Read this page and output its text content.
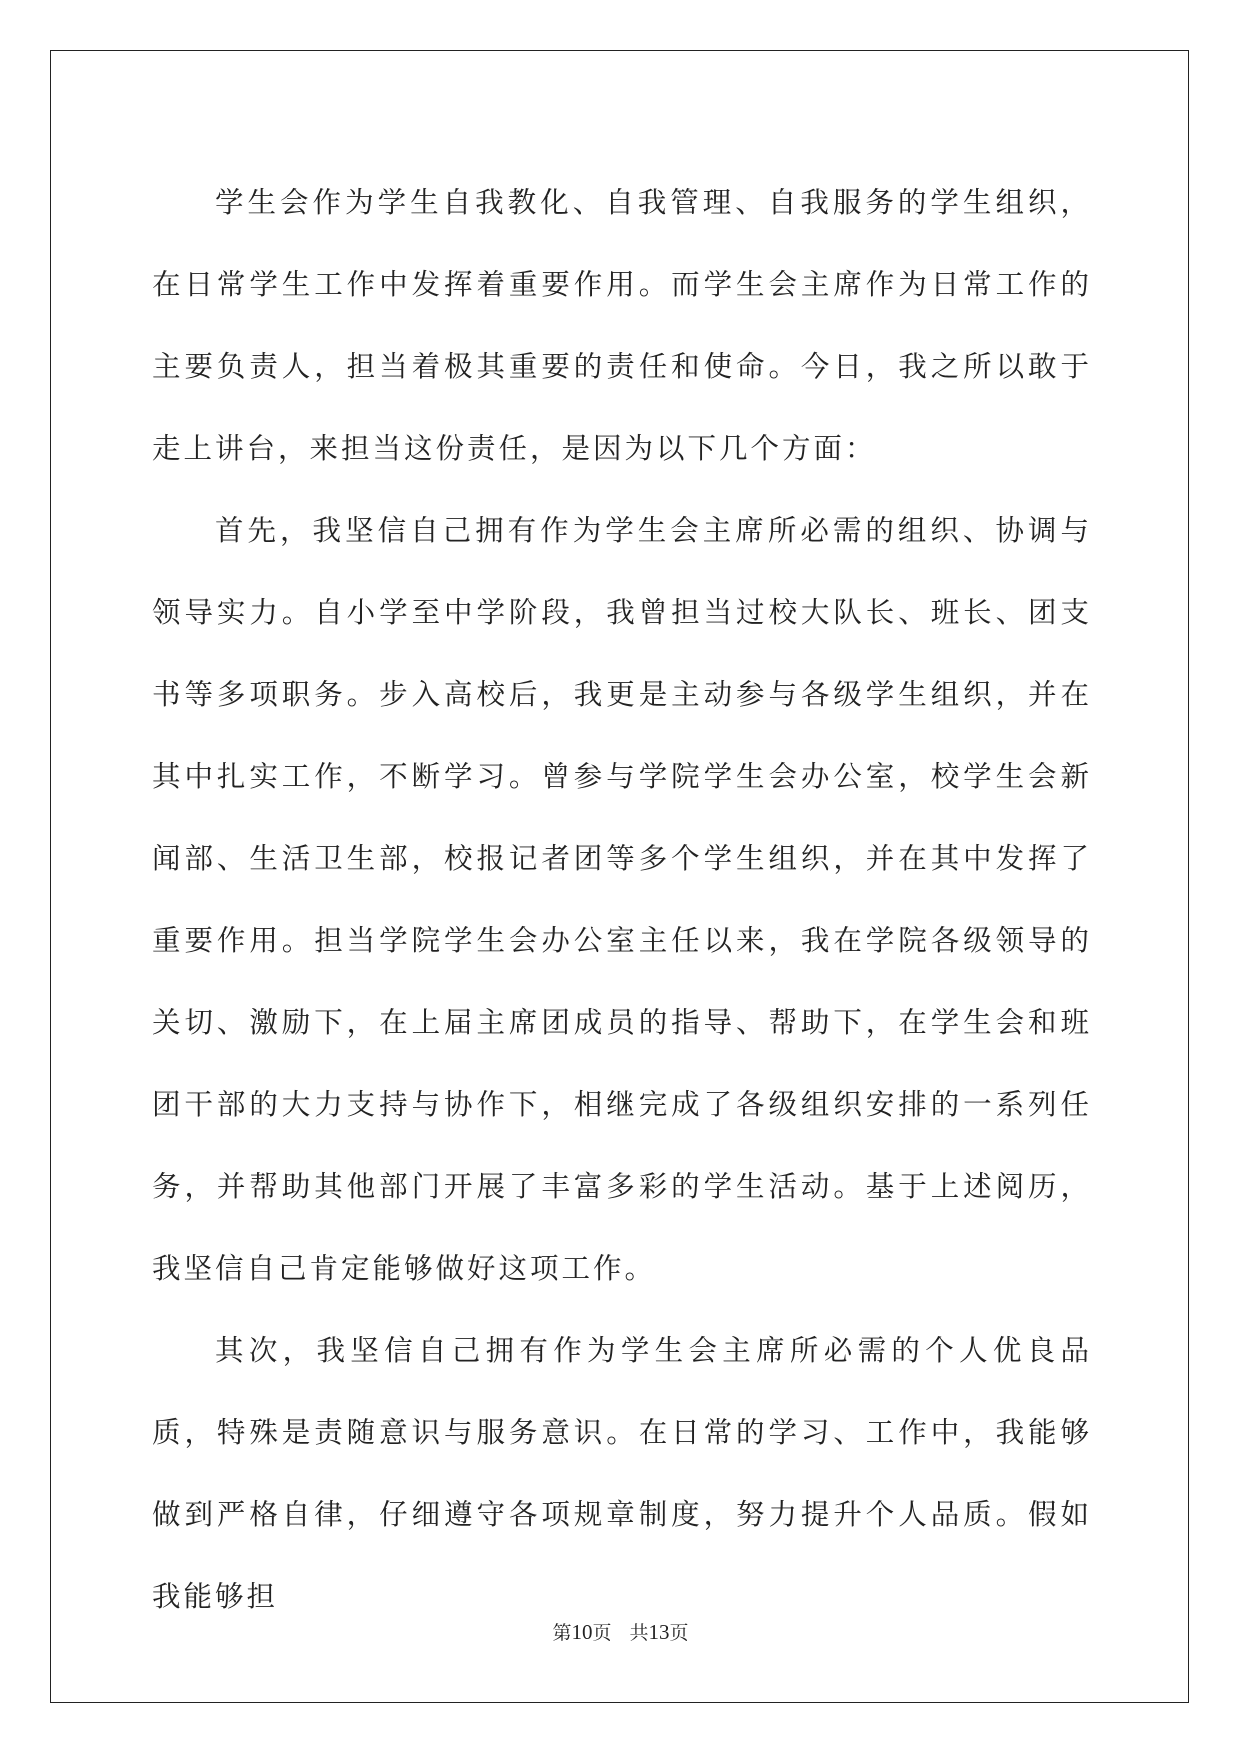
学生会作为学生自我教化、自我管理、自我服务的学生组织，在日常学生工作中发挥着重要作用。而学生会主席作为日常工作的主要负责人，担当着极其重要的责任和使命。今日，我之所以敢于走上讲台，来担当这份责任，是因为以下几个方面：

首先，我坚信自己拥有作为学生会主席所必需的组织、协调与领导实力。自小学至中学阶段，我曾担当过校大队长、班长、团支书等多项职务。步入高校后，我更是主动参与各级学生组织，并在其中扎实工作，不断学习。曾参与学院学生会办公室，校学生会新闻部、生活卫生部，校报记者团等多个学生组织，并在其中发挥了重要作用。担当学院学生会办公室主任以来，我在学院各级领导的关切、激励下，在上届主席团成员的指导、帮助下，在学生会和班团干部的大力支持与协作下，相继完成了各级组织安排的一系列任务，并帮助其他部门开展了丰富多彩的学生活动。基于上述阅历，我坚信自己肯定能够做好这项工作。

其次，我坚信自己拥有作为学生会主席所必需的个人优良品质，特殊是责随意识与服务意识。在日常的学习、工作中，我能够做到严格自律，仔细遵守各项规章制度，努力提升个人品质。假如我能够担

第10页 共13页
